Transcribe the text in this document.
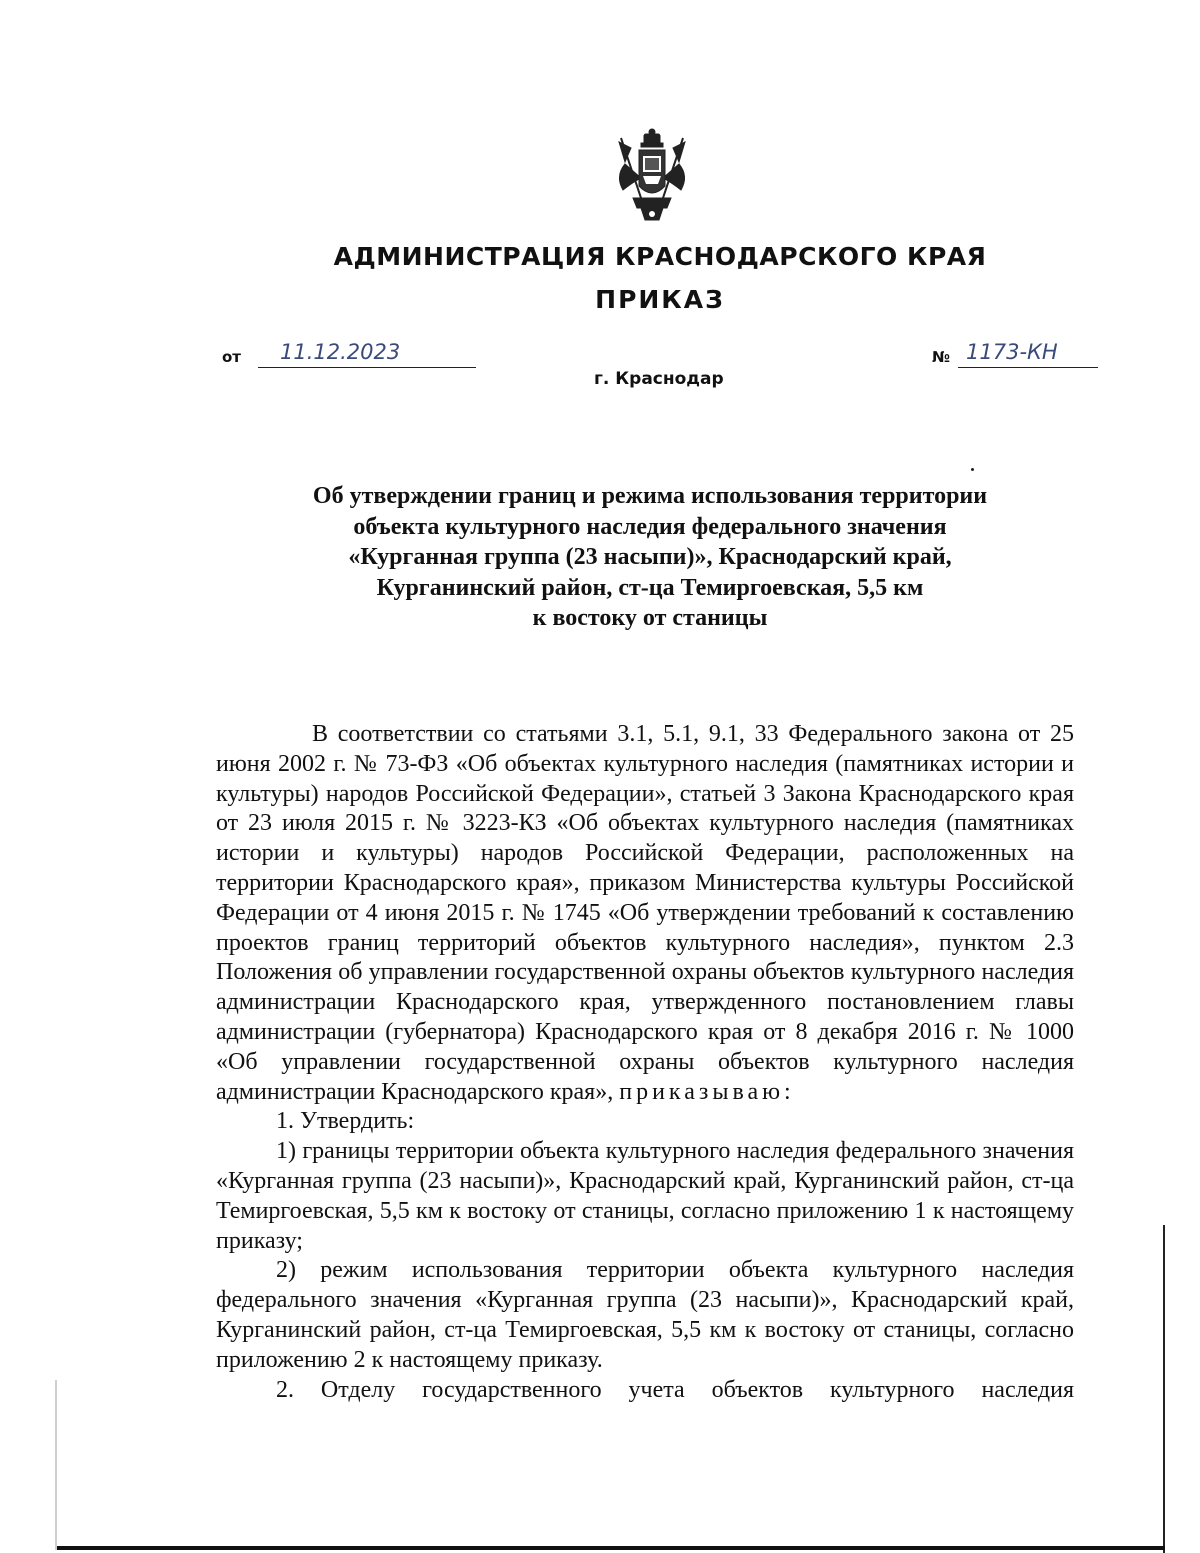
АДМИНИСТРАЦИЯ КРАСНОДАРСКОГО КРАЯ
ПРИКАЗ
от	11.12.2023	№ 1173-КН
г. Краснодар
Об утверждении границ и режима использования территории
объекта культурного наследия федерального значения
«Курганная группа (23 насыпи)», Краснодарский край,
Курганинский район, ст-ца Темиргоевская, 5,5 км
к востоку от станицы

В соответствии со статьями 3.1, 5.1, 9.1, 33 Федерального закона от 25 июня 2002 г. № 73-ФЗ «Об объектах культурного наследия (памятниках истории и культуры) народов Российской Федерации», статьей 3 Закона Краснодарского края от 23 июля 2015 г. № 3223-КЗ «Об объектах культурного наследия (памятниках истории и культуры) народов Российской Федерации, расположенных на территории Краснодарского края», приказом Министерства культуры Российской Федерации от 4 июня 2015 г. № 1745 «Об утверждении требований к составлению проектов границ территорий объектов культурного наследия», пунктом 2.3 Положения об управлении государственной охраны объектов культурного наследия администрации Краснодарского края, утвержденного постановлением главы администрации (губернатора) Краснодарского края от 8 декабря 2016 г. № 1000 «Об управлении государственной охраны объектов культурного наследия администрации Краснодарского края», приказываю:

1. Утвердить:

1) границы территории объекта культурного наследия федерального значения «Курганная группа (23 насыпи)», Краснодарский край, Курганинский район, ст-ца Темиргоевская, 5,5 км к востоку от станицы, согласно приложению 1 к настоящему приказу;

2) режим использования территории объекта культурного наследия федерального значения «Курганная группа (23 насыпи)», Краснодарский край, Курганинский район, ст-ца Темиргоевская, 5,5 км к востоку от станицы, согласно приложению 2 к настоящему приказу.

2. Отделу государственного учета объектов культурного наследия
